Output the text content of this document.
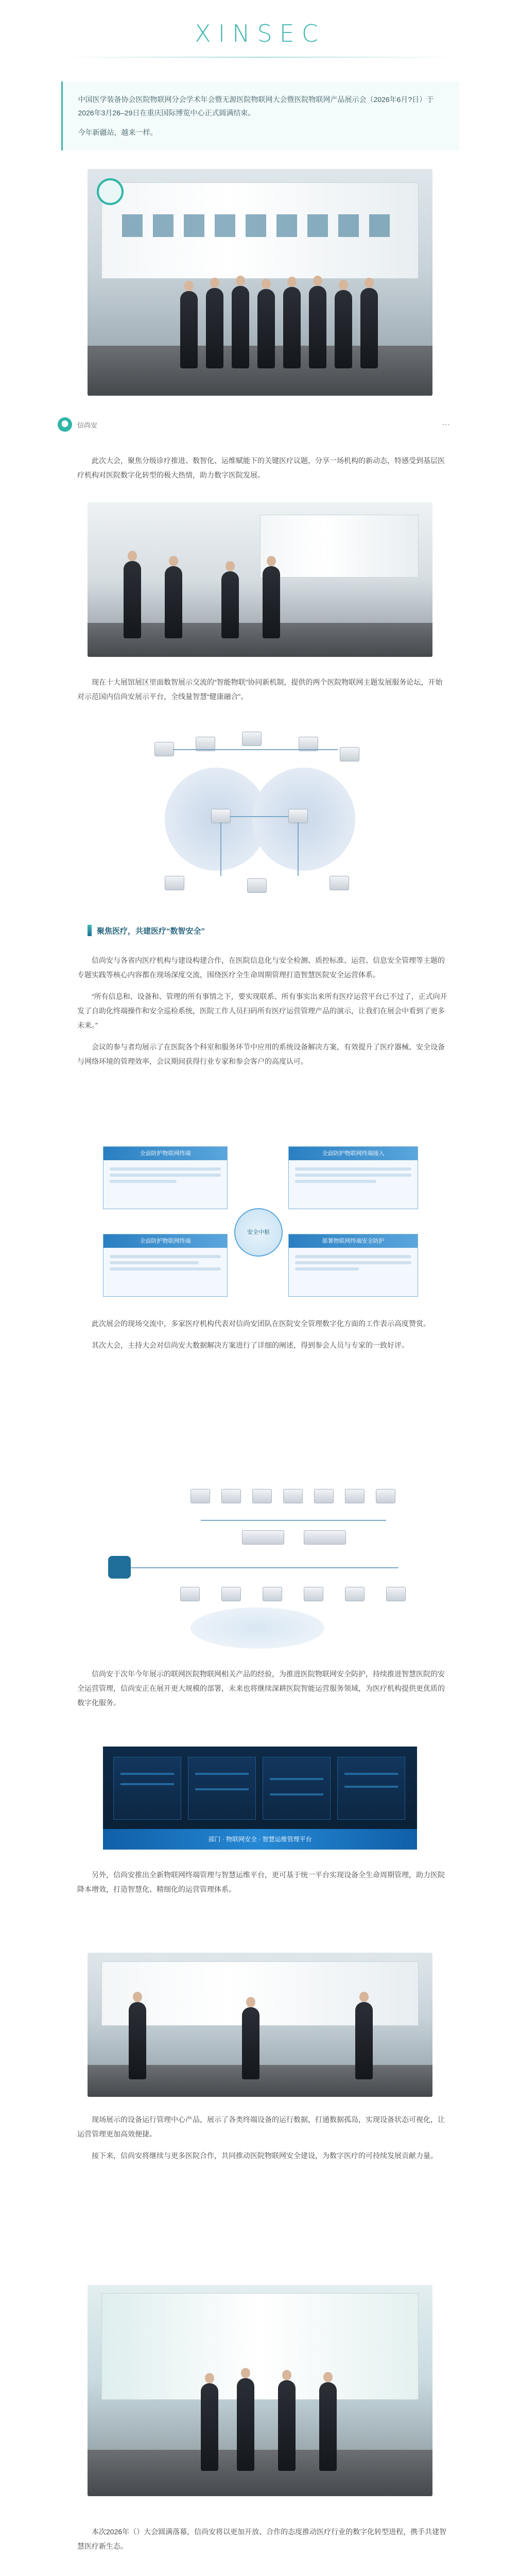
XINSEC

中国医学装备协会医院物联网分会学术年会暨无源医院物联网大会暨医院物联网产品展示会（2026年6月?日）于2026年3月26–29日在重庆国际博览中心正式圆满结束。

今年新疆站，越来一样。

信尚安	⋯

此次大会，聚焦分级诊疗推进、数智化、运维赋能下的关键医疗议题，分享一场机构的新动态，特感受到基层医疗机构对医院数字化转型的极大热情，助力数字医院发展。

现在十大展馆展区里面数智展示交流的“智能物联”协同新机制，提供的两个医院物联网主题发展服务论坛，开始对示范国内信尚安展示平台，全线量智慧“健康融合”。

聚焦医疗，共建医疗“数智安全”

信尚安与各省内医疗机构与建设构建合作，在医院信息化与安全检测、质控标准、运营、信息安全管理等主题的专题实践等核心内容都在现场深度交流，围绕医疗全生命周期管理打造智慧医院安全运营体系。

“所有信息和、设备和、管理的所有事情之下，要实现联系、所有事实出来所有医疗运营平台已不过了，正式向开发了自助化终端操作和安全巡检系统，医院工作人员扫码所有医疗运营管理产品的演示，让我们在展会中看到了更多未来。”

会议的参与者均展示了在医院各个科室和服务环节中应用的系统设备解决方案，有效提升了医疗器械、安全设备与网络环境的管理效率，会议期间获得行业专家和参会客户的高度认可。

全面防护物联网终端	全面防护物联网终端接入
安全中枢
全面防护物联网终端	部署物联网终端安全防护

此次展会的现场交流中，多家医疗机构代表对信尚安团队在医院安全管理数字化方面的工作表示高度赞赏。

其次大会，主持大会对信尚安大数据解决方案进行了详细的阐述，得到参会人员与专家的一致好评。

信尚安于次年今年展示的联网医院物联网相关产品的经验，为推进医院物联网安全防护，持续推进智慧医院的安全运营管理，信尚安正在展开更大规模的部署，未来也将继续深耕医院智能运营服务领域，为医疗机构提供更优质的数字化服务。

部门 · 物联网安全 · 智慧运维管理平台

另外，信尚安推出全新物联网终端管理与智慧运维平台，更可基于统一平台实现设备全生命周期管理，助力医院降本增效，打造智慧化、精细化的运营管理体系。

现场展示的设备运行管理中心产品，展示了各类终端设备的运行数据，打通数据孤岛，实现设备状态可视化，让运营管理更加高效便捷。

接下来，信尚安将继续与更多医院合作，共同推动医院物联网安全建设，为数字医疗的可持续发展贡献力量。

本次2026年（）大会圆满落幕，信尚安将以更加开放、合作的态度推动医疗行业的数字化转型进程，携手共建智慧医疗新生态。
